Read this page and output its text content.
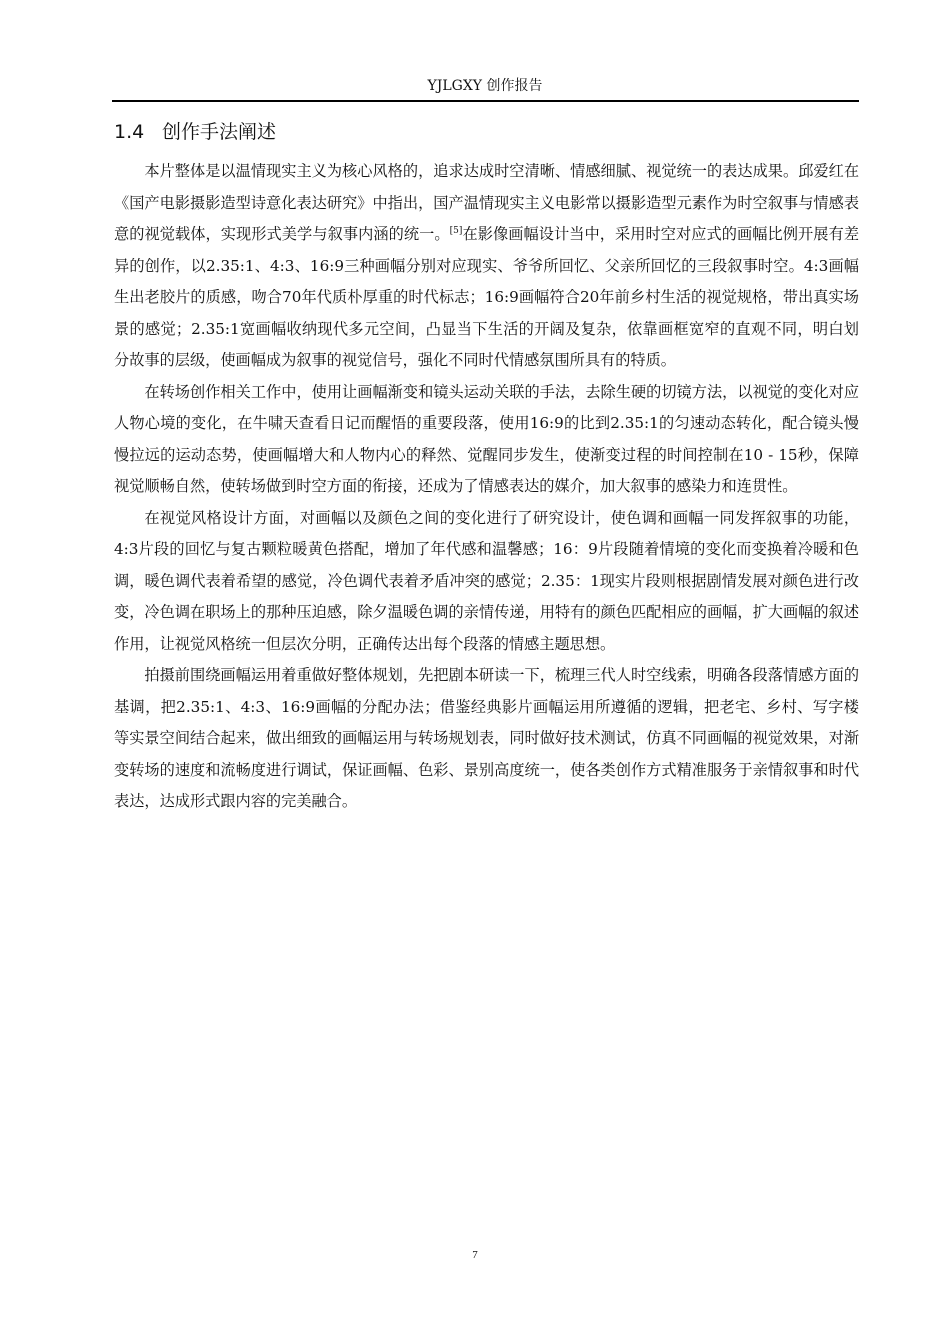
YJLGXY 创作报告
1.4 创作手法阐述

本片整体是以温情现实主义为核心风格的，追求达成时空清晰、情感细腻、视觉统一的表达成果。邱爱红在《国产电影摄影造型诗意化表达研究》中指出，国产温情现实主义电影常以摄影造型元素作为时空叙事与情感表意的视觉载体，实现形式美学与叙事内涵的统一。[5]在影像画幅设计当中，采用时空对应式的画幅比例开展有差异的创作，以2.35:1、4:3、16:9三种画幅分别对应现实、爷爷所回忆、父亲所回忆的三段叙事时空。4:3画幅生出老胶片的质感，吻合70年代质朴厚重的时代标志；16:9画幅符合20年前乡村生活的视觉规格，带出真实场景的感觉；2.35:1宽画幅收纳现代多元空间，凸显当下生活的开阔及复杂，依靠画框宽窄的直观不同，明白划分故事的层级，使画幅成为叙事的视觉信号，强化不同时代情感氛围所具有的特质。

在转场创作相关工作中，使用让画幅渐变和镜头运动关联的手法，去除生硬的切镜方法，以视觉的变化对应人物心境的变化，在牛啸天查看日记而醒悟的重要段落，使用16:9的比到2.35:1的匀速动态转化，配合镜头慢慢拉远的运动态势，使画幅增大和人物内心的释然、觉醒同步发生，使渐变过程的时间控制在10 - 15秒，保障视觉顺畅自然，使转场做到时空方面的衔接，还成为了情感表达的媒介，加大叙事的感染力和连贯性。

在视觉风格设计方面，对画幅以及颜色之间的变化进行了研究设计，使色调和画幅一同发挥叙事的功能，4:3片段的回忆与复古颗粒暖黄色搭配，增加了年代感和温馨感；16：9片段随着情境的变化而变换着冷暖和色调，暖色调代表着希望的感觉，冷色调代表着矛盾冲突的感觉；2.35：1现实片段则根据剧情发展对颜色进行改变，冷色调在职场上的那种压迫感，除夕温暖色调的亲情传递，用特有的颜色匹配相应的画幅，扩大画幅的叙述作用，让视觉风格统一但层次分明，正确传达出每个段落的情感主题思想。

拍摄前围绕画幅运用着重做好整体规划，先把剧本研读一下，梳理三代人时空线索，明确各段落情感方面的基调，把2.35:1、4:3、16:9画幅的分配办法；借鉴经典影片画幅运用所遵循的逻辑，把老宅、乡村、写字楼等实景空间结合起来，做出细致的画幅运用与转场规划表，同时做好技术测试，仿真不同画幅的视觉效果，对渐变转场的速度和流畅度进行调试，保证画幅、色彩、景别高度统一，使各类创作方式精准服务于亲情叙事和时代表达，达成形式跟内容的完美融合。

7
